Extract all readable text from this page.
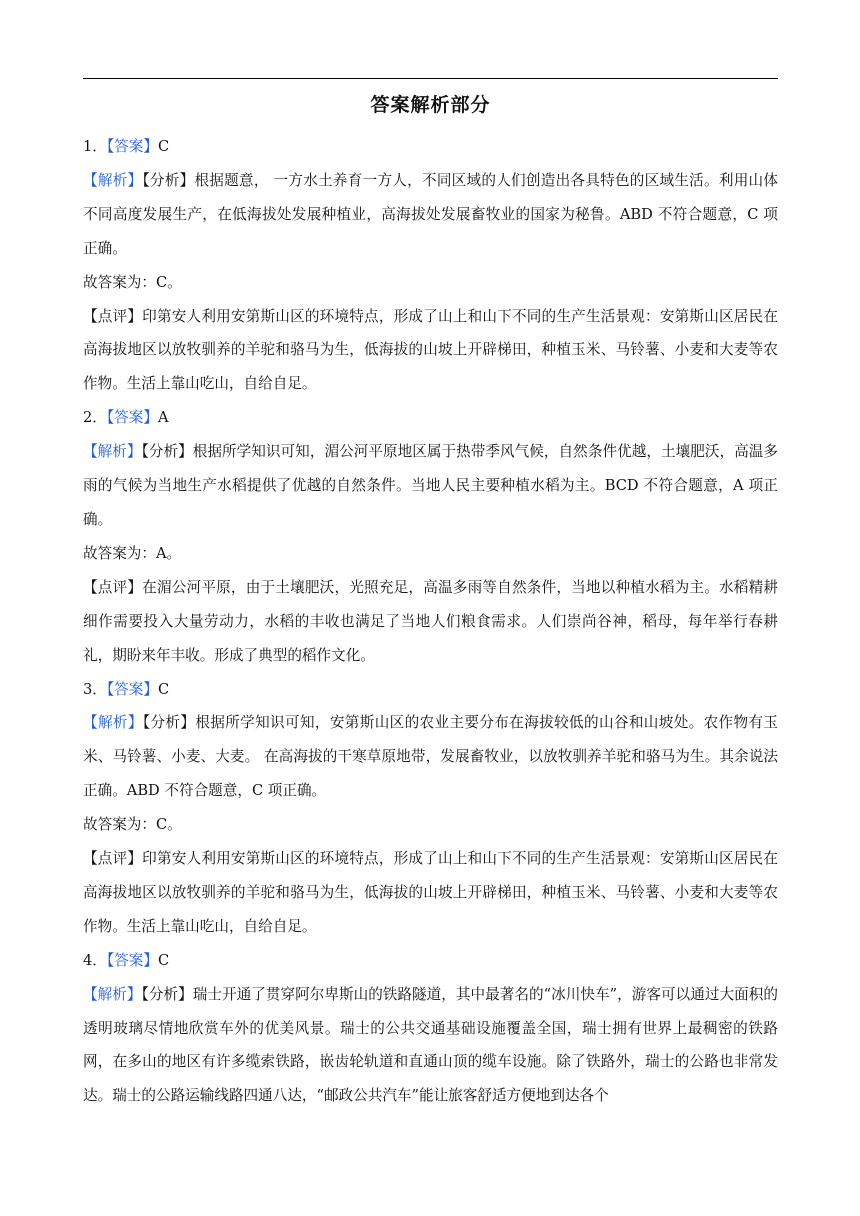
答案解析部分

1．【答案】C

【解析】【分析】根据题意， 一方水土养育一方人，不同区域的人们创造出各具特色的区域生活。利用山体不同高度发展生产，在低海拔处发展种植业，高海拔处发展畜牧业的国家为秘鲁。ABD 不符合题意，C 项正确。

故答案为：C。

【点评】印第安人利用安第斯山区的环境特点，形成了山上和山下不同的生产生活景观：安第斯山区居民在高海拔地区以放牧驯养的羊驼和骆马为生，低海拔的山坡上开辟梯田，种植玉米、马铃薯、小麦和大麦等农作物。生活上靠山吃山，自给自足。

2．【答案】A

【解析】【分析】根据所学知识可知，湄公河平原地区属于热带季风气候，自然条件优越，土壤肥沃，高温多雨的气候为当地生产水稻提供了优越的自然条件。当地人民主要种植水稻为主。BCD 不符合题意，A 项正确。

故答案为：A。

【点评】在湄公河平原，由于土壤肥沃，光照充足，高温多雨等自然条件，当地以种植水稻为主。水稻精耕细作需要投入大量劳动力，水稻的丰收也满足了当地人们粮食需求。人们崇尚谷神，稻母，每年举行春耕礼，期盼来年丰收。形成了典型的稻作文化。

3．【答案】C

【解析】【分析】根据所学知识可知，安第斯山区的农业主要分布在海拔较低的山谷和山坡处。农作物有玉米、马铃薯、小麦、大麦。 在高海拔的干寒草原地带，发展畜牧业，以放牧驯养羊驼和骆马为生。其余说法正确。ABD 不符合题意，C 项正确。

故答案为：C。

【点评】印第安人利用安第斯山区的环境特点，形成了山上和山下不同的生产生活景观：安第斯山区居民在高海拔地区以放牧驯养的羊驼和骆马为生，低海拔的山坡上开辟梯田，种植玉米、马铃薯、小麦和大麦等农作物。生活上靠山吃山，自给自足。

4．【答案】C

【解析】【分析】瑞士开通了贯穿阿尔卑斯山的铁路隧道，其中最著名的“冰川快车”，游客可以通过大面积的透明玻璃尽情地欣赏车外的优美风景。瑞士的公共交通基础设施覆盖全国，瑞士拥有世界上最稠密的铁路网，在多山的地区有许多缆索铁路，嵌齿轮轨道和直通山顶的缆车设施。除了铁路外，瑞士的公路也非常发达。瑞士的公路运输线路四通八达，“邮政公共汽车”能让旅客舒适方便地到达各个
